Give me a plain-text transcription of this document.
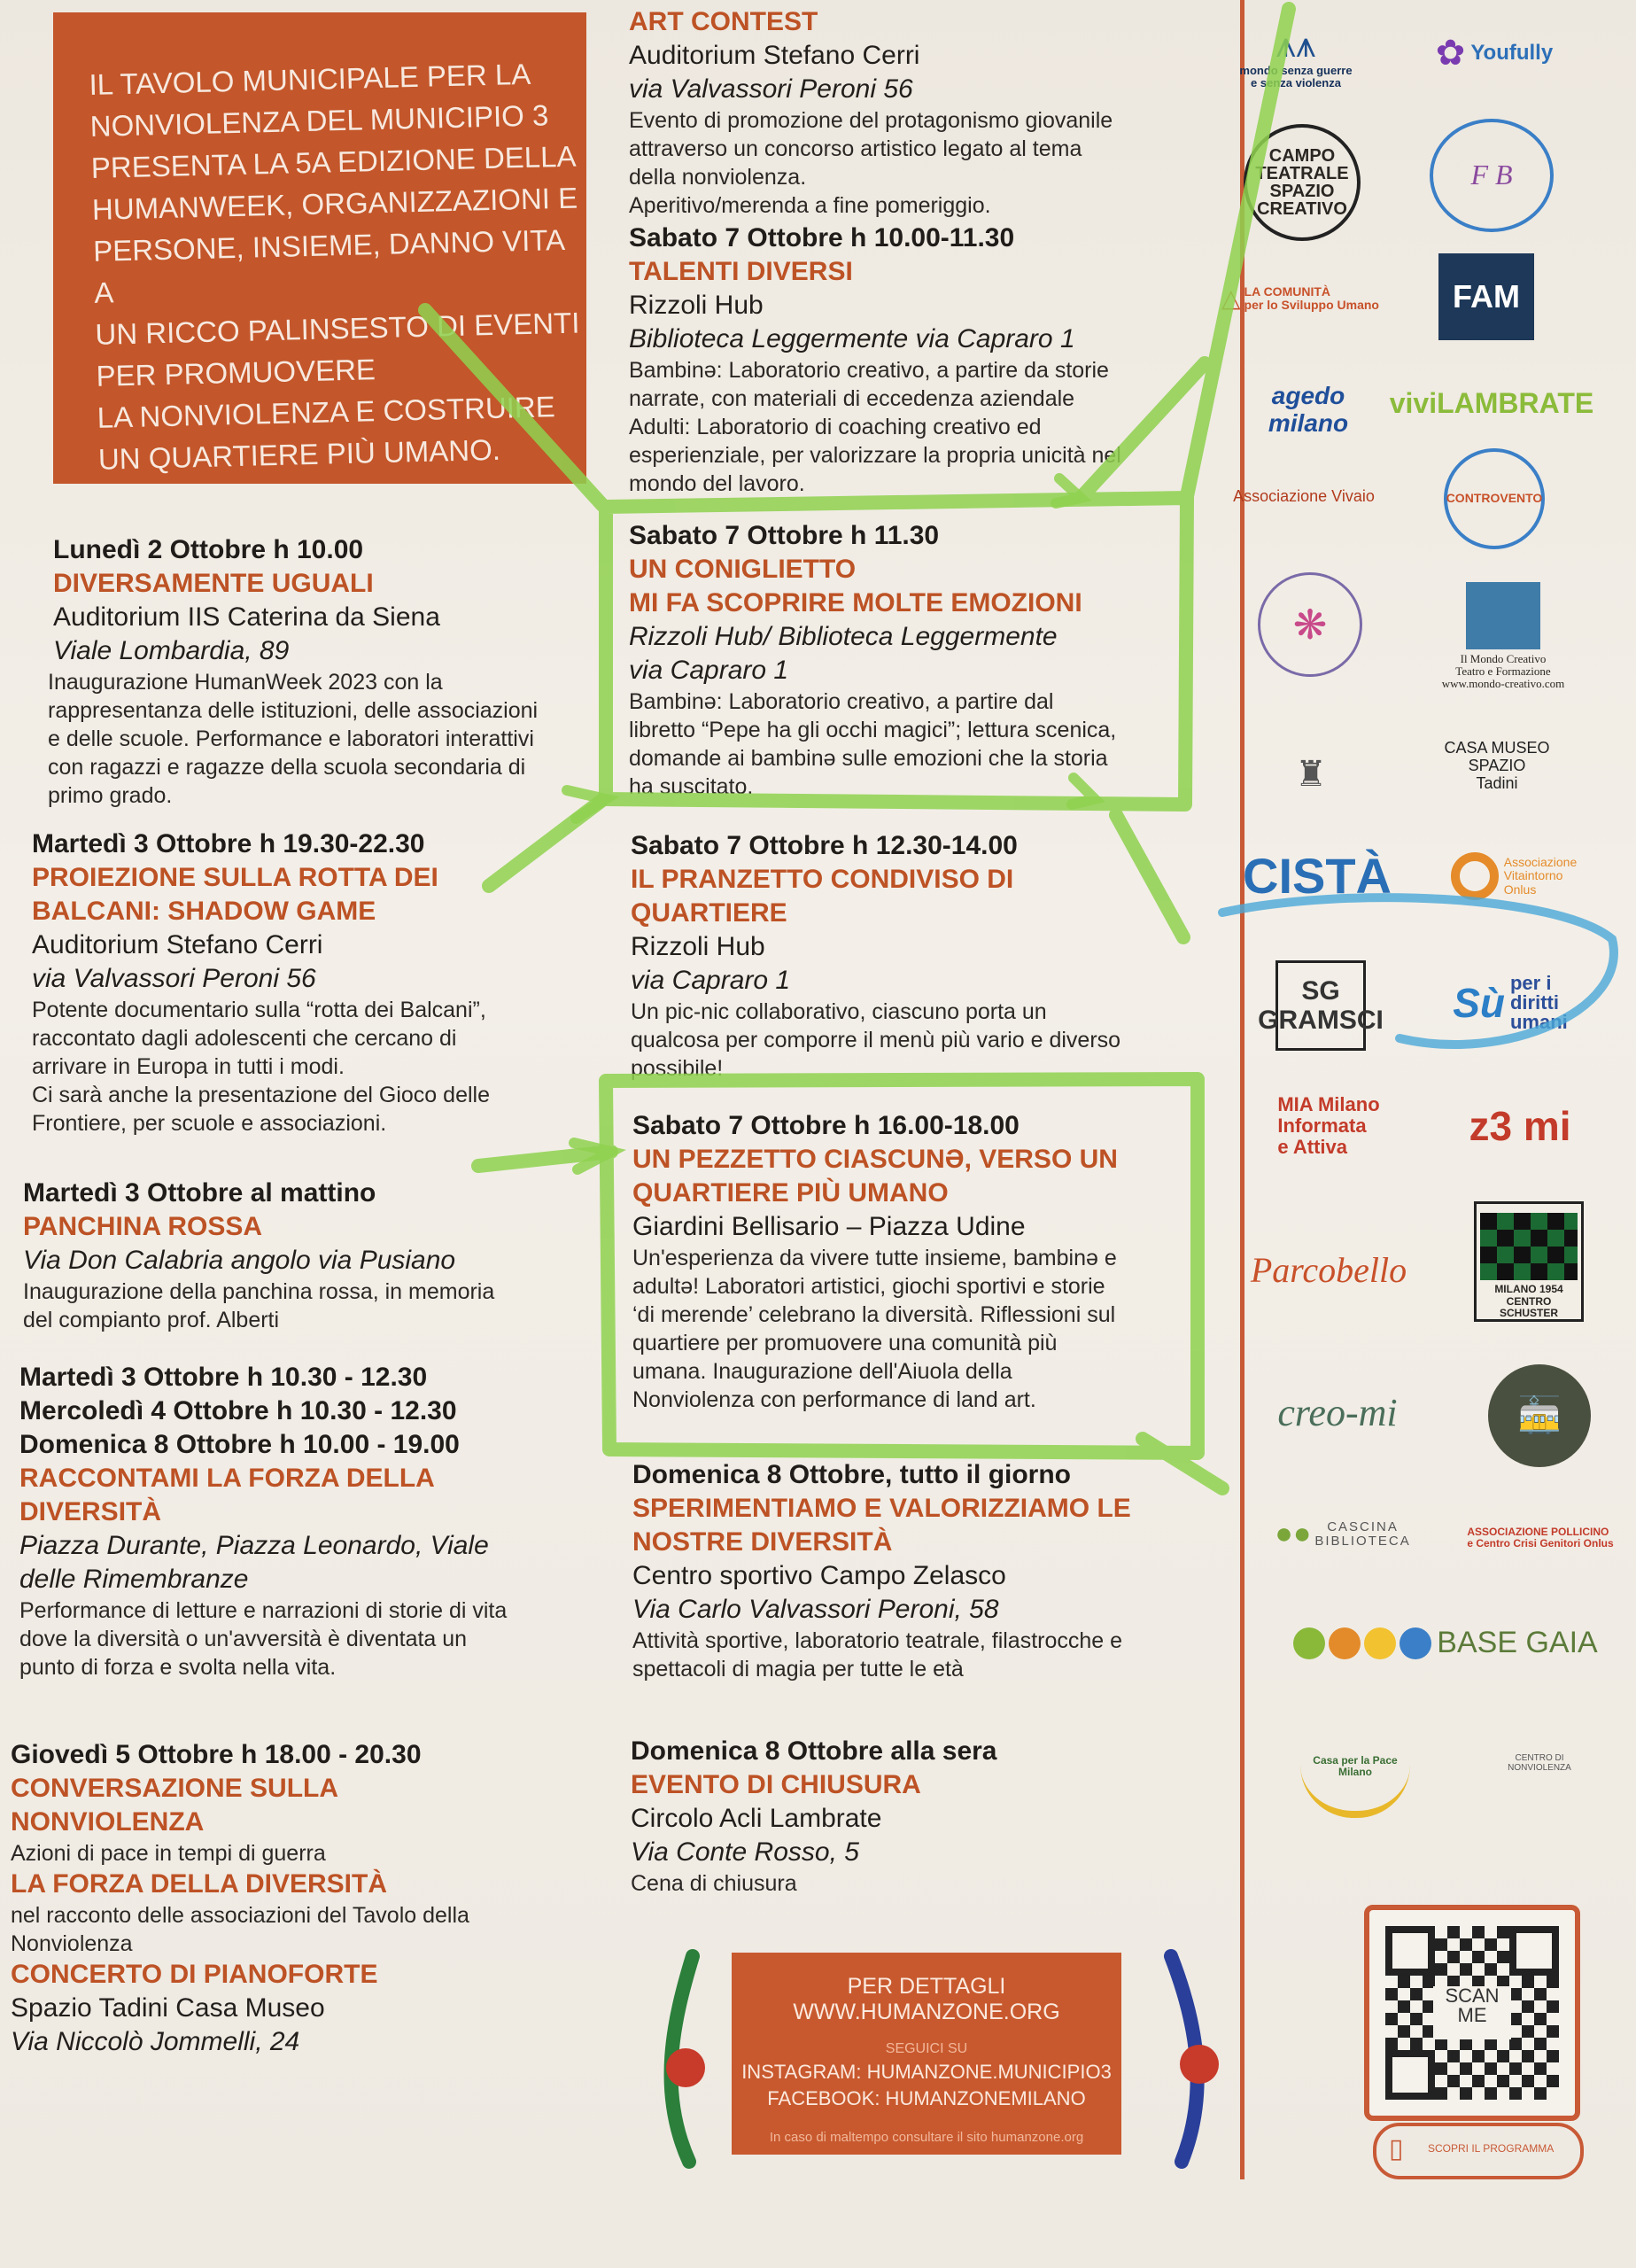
IL TAVOLO MUNICIPALE PER LA
NONVIOLENZA DEL MUNICIPIO 3
PRESENTA LA 5A EDIZIONE DELLA
HUMANWEEK, ORGANIZZAZIONI E
PERSONE, INSIEME, DANNO VITA A
UN RICCO PALINSESTO DI EVENTI
PER PROMUOVERE
LA NONVIOLENZA E COSTRUIRE
UN QUARTIERE PIÙ UMANO.
Lunedì 2 Ottobre h 10.00
DIVERSAMENTE UGUALI
Auditorium IIS Caterina da Siena
Viale Lombardia, 89
Inaugurazione HumanWeek 2023 con la
rappresentanza delle istituzioni, delle associazioni
e delle scuole. Performance e laboratori interattivi
con ragazzi e ragazze della scuola secondaria di
primo grado.
Martedì 3 Ottobre h 19.30-22.30
PROIEZIONE SULLA ROTTA DEI
BALCANI: SHADOW GAME
Auditorium Stefano Cerri
via Valvassori Peroni 56
Potente documentario sulla “rotta dei Balcani”,
raccontato dagli adolescenti che cercano di
arrivare in Europa in tutti i modi.
Ci sarà anche la presentazione del Gioco delle
Frontiere, per scuole e associazioni.
Martedì 3 Ottobre al mattino
PANCHINA ROSSA
Via Don Calabria angolo via Pusiano
Inaugurazione della panchina rossa, in memoria
del compianto prof. Alberti
Martedì 3 Ottobre h 10.30 - 12.30
Mercoledì 4 Ottobre h 10.30 - 12.30
Domenica 8 Ottobre h 10.00 - 19.00
RACCONTAMI LA FORZA DELLA
DIVERSITÀ
Piazza Durante, Piazza Leonardo, Viale
delle Rimembranze
Performance di letture e narrazioni di storie di vita
dove la diversità o un'avversità è diventata un
punto di forza e svolta nella vita.
Giovedì 5 Ottobre h 18.00 - 20.30
CONVERSAZIONE SULLA
NONVIOLENZA
Azioni di pace in tempi di guerra
LA FORZA DELLA DIVERSITÀ
nel racconto delle associazioni del Tavolo della
Nonviolenza
CONCERTO DI PIANOFORTE
Spazio Tadini Casa Museo
Via Niccolò Jommelli, 24
ART CONTEST
Auditorium Stefano Cerri
via Valvassori Peroni 56
Evento di promozione del protagonismo giovanile
attraverso un concorso artistico legato al tema
della nonviolenza.
Aperitivo/merenda a fine pomeriggio.
Sabato 7 Ottobre h 10.00-11.30
TALENTI DIVERSI
Rizzoli Hub
Biblioteca Leggermente via Capraro 1
Bambinə: Laboratorio creativo, a partire da storie
narrate, con materiali di eccedenza aziendale
Adulti: Laboratorio di coaching creativo ed
esperienziale, per valorizzare la propria unicità nel
mondo del lavoro.
Sabato 7 Ottobre h 11.30
UN CONIGLIETTO
MI FA SCOPRIRE MOLTE EMOZIONI
Rizzoli Hub/ Biblioteca Leggermente
via Capraro 1
Bambinə: Laboratorio creativo, a partire dal
libretto “Pepe ha gli occhi magici”; lettura scenica,
domande ai bambinə sulle emozioni che la storia
ha suscitato.
Sabato 7 Ottobre h 12.30-14.00
IL PRANZETTO CONDIVISO DI
QUARTIERE
Rizzoli Hub
via Capraro 1
Un pic-nic collaborativo, ciascuno porta un
qualcosa per comporre il menù più vario e diverso
possibile!
Sabato 7 Ottobre h 16.00-18.00
UN PEZZETTO CIASCUNƏ, VERSO UN
QUARTIERE PIÙ UMANO
Giardini Bellisario – Piazza Udine
Un'esperienza da vivere tutte insieme, bambinə e
adultə! Laboratori artistici, giochi sportivi e storie
‘di merende’ celebrano la diversità. Riflessioni sul
quartiere per promuovere una comunità più
umana. Inaugurazione dell'Aiuola della
Nonviolenza con performance di land art.
Domenica 8 Ottobre, tutto il giorno
SPERIMENTIAMO E VALORIZZIAMO LE
NOSTRE DIVERSITÀ
Centro sportivo Campo Zelasco
Via Carlo Valvassori Peroni, 58
Attività sportive, laboratorio teatrale, filastrocche e
spettacoli di magia per tutte le età
Domenica 8 Ottobre alla sera
EVENTO DI CHIUSURA
Circolo Acli Lambrate
Via Conte Rosso, 5
Cena di chiusura
⩚⩚
mondo senza guerre
e senza violenza
✿ Youfully
CAMPO
TEATRALE
SPAZIO CREATIVO
F B
△ LA COMUNITÀ
per lo Sviluppo Umano FAM
agedo milano
viviLAMBRATE
Associazione Vivaio	CONTROVENTO
❋
Il Mondo Creativo
Teatro e Formazione
www.mondo-creativo.com
♜
CASA MUSEO
SPAZIO
Tadini
CISTÀ	Associazione
Vitaintorno
Onlus
SG
GRAMSCI Sù per i
diritti
umani
MIA Milano
Informata
e Attiva	z3 mi
Parcobello	MILANO 1954
CENTRO
SCHUSTER
creo-mi	🚋
●●	CASCINA
BIBLIOTECA
ASSOCIAZIONE POLLICINO
e Centro Crisi Genitori Onlus
BASE GAIA
Casa per la Pace Milano
CENTRO DI
NONVIOLENZA
PER DETTAGLI WWW.HUMANZONE.ORG
SEGUICI SU
INSTAGRAM: HUMANZONE.MUNICIPIO3
FACEBOOK: HUMANZONEMILANO
In caso di maltempo consultare il sito humanzone.org
SCAN
ME
▯ SCOPRI IL PROGRAMMA
